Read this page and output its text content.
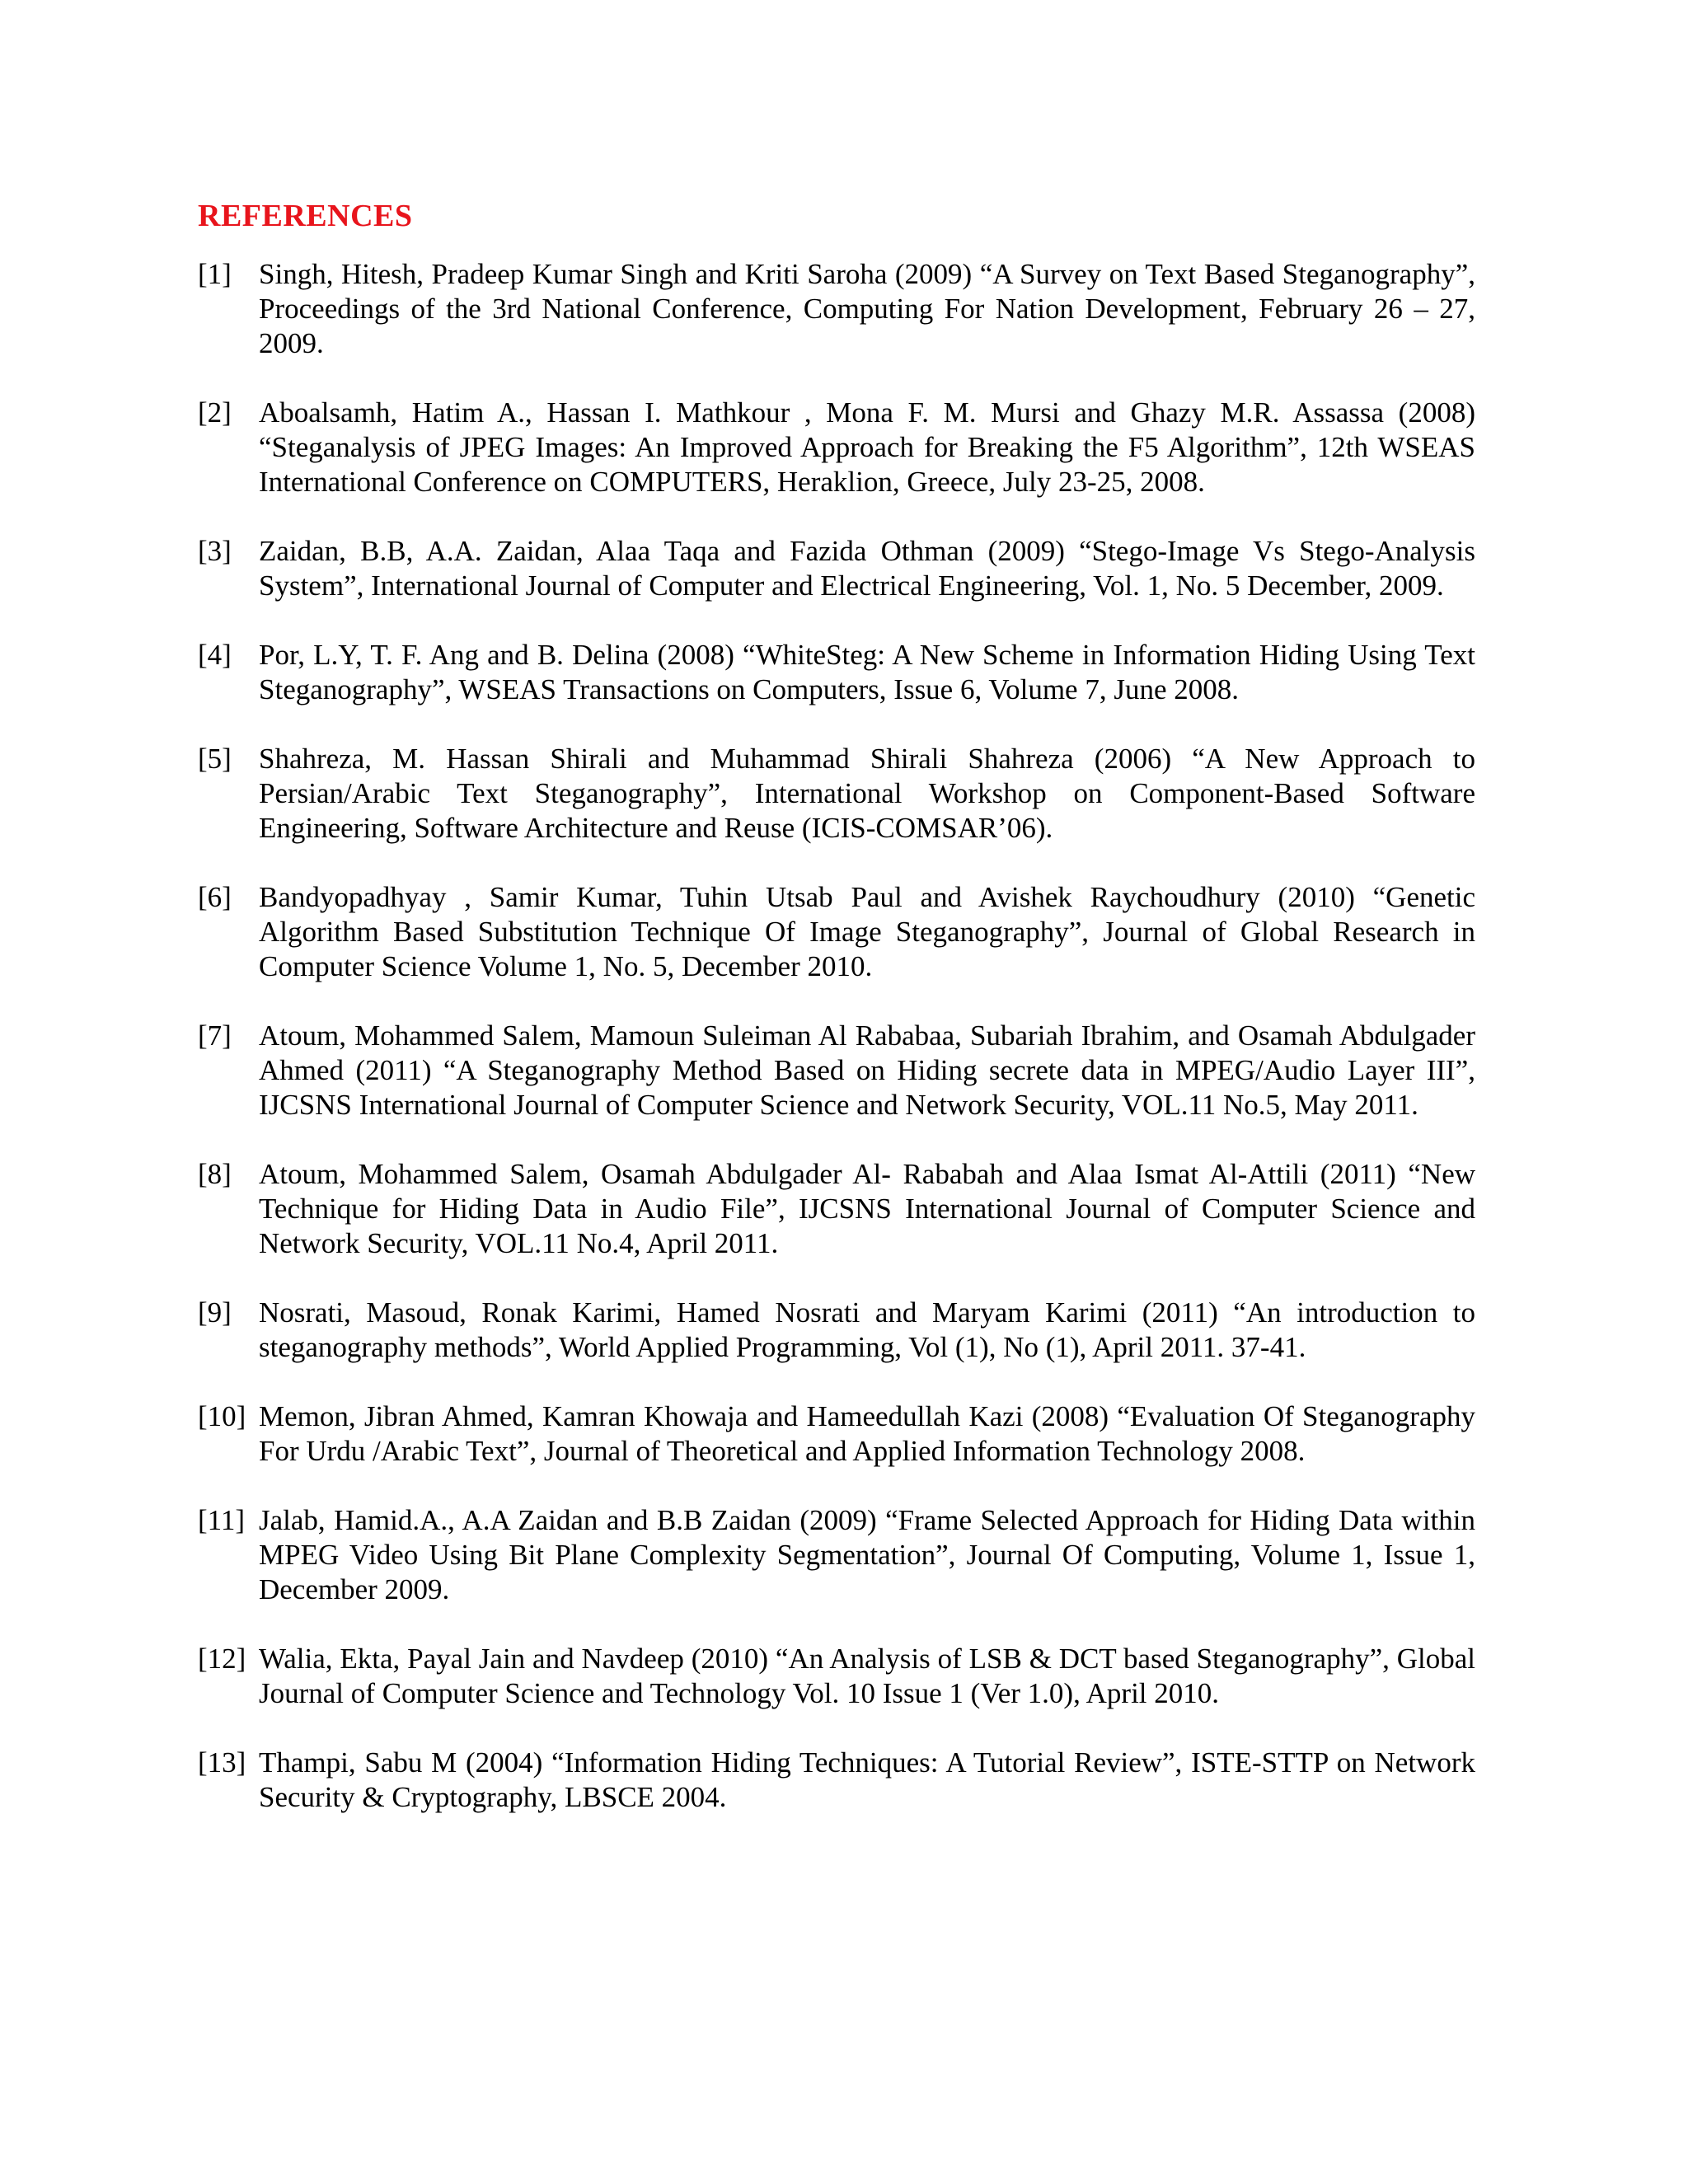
REFERENCES
[1] Singh, Hitesh, Pradeep Kumar Singh and Kriti Saroha (2009) “A Survey on Text Based Steganography”, Proceedings of the 3rd National Conference, Computing For Nation Development, February 26 – 27, 2009.
[2] Aboalsamh, Hatim A., Hassan I. Mathkour , Mona F. M. Mursi and Ghazy M.R. Assassa (2008) “Steganalysis of JPEG Images: An Improved Approach for Breaking the F5 Algorithm”, 12th WSEAS International Conference on COMPUTERS, Heraklion, Greece, July 23-25, 2008.
[3] Zaidan, B.B, A.A. Zaidan, Alaa Taqa and Fazida Othman (2009) “Stego-Image Vs Stego-Analysis System”, International Journal of Computer and Electrical Engineering, Vol. 1, No. 5 December, 2009.
[4] Por, L.Y, T. F. Ang and B. Delina (2008) “WhiteSteg: A New Scheme in Information Hiding Using Text Steganography”, WSEAS Transactions on Computers, Issue 6, Volume 7, June 2008.
[5] Shahreza, M. Hassan Shirali and Muhammad Shirali Shahreza (2006) “A New Approach to Persian/Arabic Text Steganography”, International Workshop on Component-Based Software Engineering, Software Architecture and Reuse (ICIS-COMSAR’06).
[6] Bandyopadhyay , Samir Kumar, Tuhin Utsab Paul and Avishek Raychoudhury (2010) “Genetic Algorithm Based Substitution Technique Of Image Steganography”, Journal of Global Research in Computer Science Volume 1, No. 5, December 2010.
[7] Atoum, Mohammed Salem, Mamoun Suleiman Al Rababaa, Subariah Ibrahim, and Osamah Abdulgader Ahmed (2011) “A Steganography Method Based on Hiding secrete data in MPEG/Audio Layer III”, IJCSNS International Journal of Computer Science and Network Security, VOL.11 No.5, May 2011.
[8] Atoum, Mohammed Salem, Osamah Abdulgader Al- Rababah and Alaa Ismat Al-Attili (2011) “New Technique for Hiding Data in Audio File”, IJCSNS International Journal of Computer Science and Network Security, VOL.11 No.4, April 2011.
[9] Nosrati, Masoud, Ronak Karimi, Hamed Nosrati and Maryam Karimi (2011) “An introduction to steganography methods”, World Applied Programming, Vol (1), No (1), April 2011. 37-41.
[10] Memon, Jibran Ahmed, Kamran Khowaja and Hameedullah Kazi (2008) “Evaluation Of Steganography For Urdu /Arabic Text”, Journal of Theoretical and Applied Information Technology 2008.
[11] Jalab, Hamid.A., A.A Zaidan and B.B Zaidan (2009) “Frame Selected Approach for Hiding Data within MPEG Video Using Bit Plane Complexity Segmentation”, Journal Of Computing, Volume 1, Issue 1, December 2009.
[12] Walia, Ekta, Payal Jain and Navdeep (2010) “An Analysis of LSB & DCT based Steganography”, Global Journal of Computer Science and Technology Vol. 10 Issue 1 (Ver 1.0), April 2010.
[13] Thampi, Sabu M (2004) “Information Hiding Techniques: A Tutorial Review”, ISTE-STTP on Network Security & Cryptography, LBSCE 2004.
